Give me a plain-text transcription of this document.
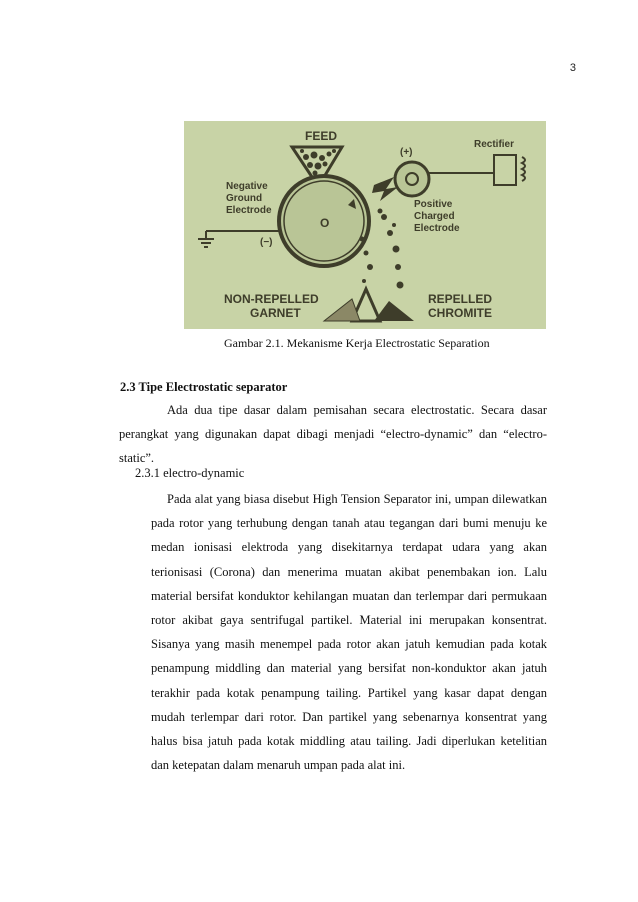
3
O
Negative
Ground
Electrode
(−)
FEED
(+)
Rectifier
Positive
Charged
Electrode
NON-REPELLED
GARNET
REPELLED
CHROMITE
Gambar 2.1. Mekanisme Kerja Electrostatic Separation
2.3 Tipe Electrostatic separator
Ada dua tipe dasar dalam pemisahan secara electrostatic. Secara dasar perangkat yang digunakan dapat dibagi menjadi “electro-dynamic” dan “electro-static”.
2.3.1 electro-dynamic
Pada alat yang biasa disebut High Tension Separator ini, umpan dilewatkan pada rotor yang terhubung dengan tanah atau tegangan dari bumi menuju ke medan ionisasi elektroda yang disekitarnya terdapat udara yang akan terionisasi (Corona) dan menerima muatan akibat penembakan ion. Lalu material bersifat konduktor kehilangan muatan dan terlempar dari permukaan rotor akibat gaya sentrifugal partikel. Material ini merupakan konsentrat. Sisanya yang masih menempel pada rotor akan jatuh kemudian pada kotak penampung middling dan material yang bersifat non-konduktor akan jatuh terakhir pada kotak penampung tailing. Partikel yang kasar dapat dengan mudah terlempar dari rotor. Dan partikel yang sebenarnya konsentrat yang halus bisa jatuh pada kotak middling atau tailing. Jadi diperlukan ketelitian dan ketepatan dalam menaruh umpan pada alat ini.
